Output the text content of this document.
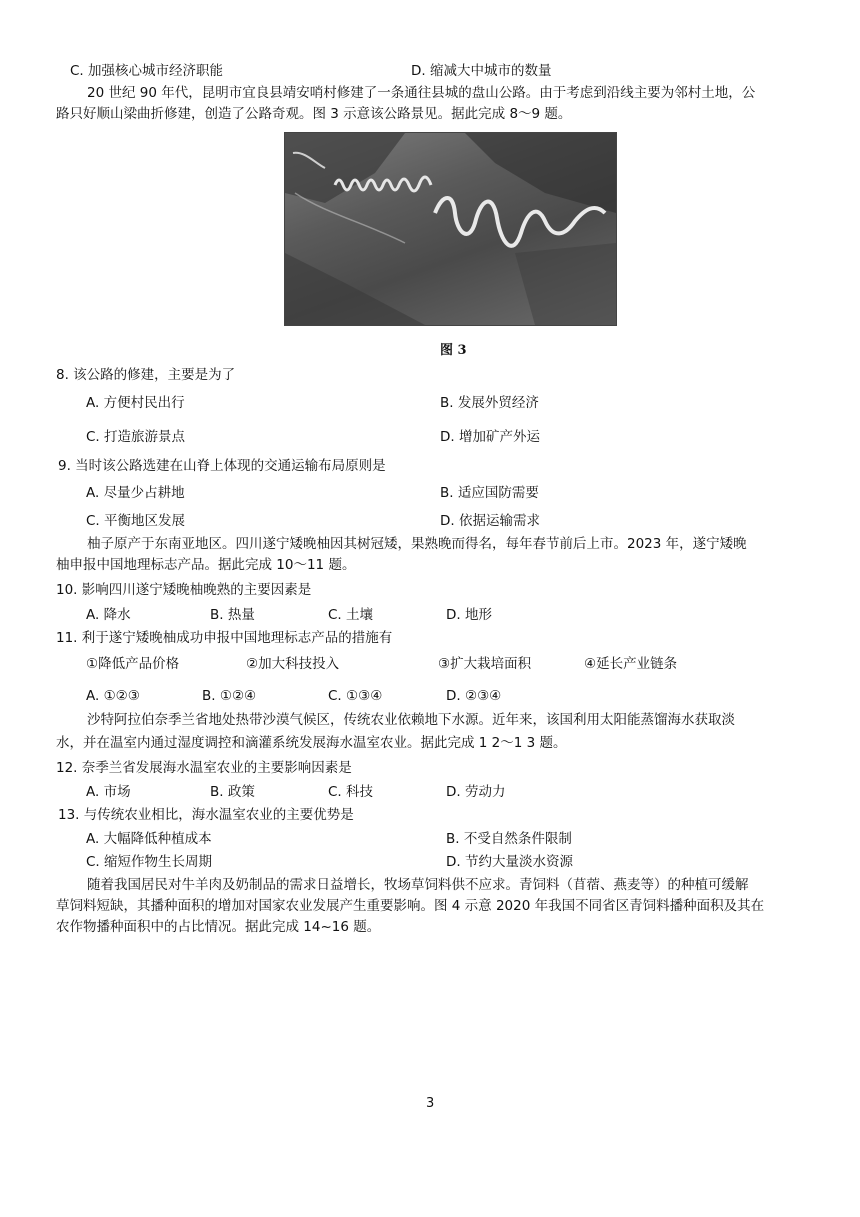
C. 加强核心城市经济职能	D. 缩减大中城市的数量
20 世纪 90 年代，昆明市宜良县靖安哨村修建了一条通往县城的盘山公路。由于考虑到沿线主要为邻村土地，公
路只好顺山梁曲折修建，创造了公路奇观。图 3 示意该公路景见。据此完成 8～9 题。
图 3
8. 该公路的修建，主要是为了
A. 方便村民出行	B. 发展外贸经济
C. 打造旅游景点	D. 增加矿产外运
9. 当时该公路选建在山脊上体现的交通运输布局原则是
A. 尽量少占耕地	B. 适应国防需要
C. 平衡地区发展	D. 依据运输需求
柚子原产于东南亚地区。四川遂宁矮晚柚因其树冠矮，果熟晚而得名，每年春节前后上市。2023 年，遂宁矮晚
柚申报中国地理标志产品。据此完成 10～11 题。
10. 影响四川遂宁矮晚柚晚熟的主要因素是
A. 降水	B. 热量	C. 土壤	D. 地形
11. 利于遂宁矮晚柚成功申报中国地理标志产品的措施有
①降低产品价格	②加大科技投入	③扩大栽培面积	④延长产业链条
A. ①②③	B. ①②④	C. ①③④	D. ②③④
沙特阿拉伯奈季兰省地处热带沙漠气候区，传统农业依赖地下水源。近年来，该国利用太阳能蒸馏海水获取淡
水，并在温室内通过湿度调控和滴灌系统发展海水温室农业。据此完成 1 2～1 3 题。
12. 奈季兰省发展海水温室农业的主要影响因素是
A. 市场	B. 政策	C. 科技	D. 劳动力
13. 与传统农业相比，海水温室农业的主要优势是
A. 大幅降低种植成本	B. 不受自然条件限制
C. 缩短作物生长周期	D. 节约大量淡水资源
随着我国居民对牛羊肉及奶制品的需求日益增长，牧场草饲料供不应求。青饲料（苜蓿、燕麦等）的种植可缓解
草饲料短缺，其播种面积的增加对国家农业发展产生重要影响。图 4 示意 2020 年我国不同省区青饲料播种面积及其在
农作物播种面积中的占比情况。据此完成 14~16 题。
3
